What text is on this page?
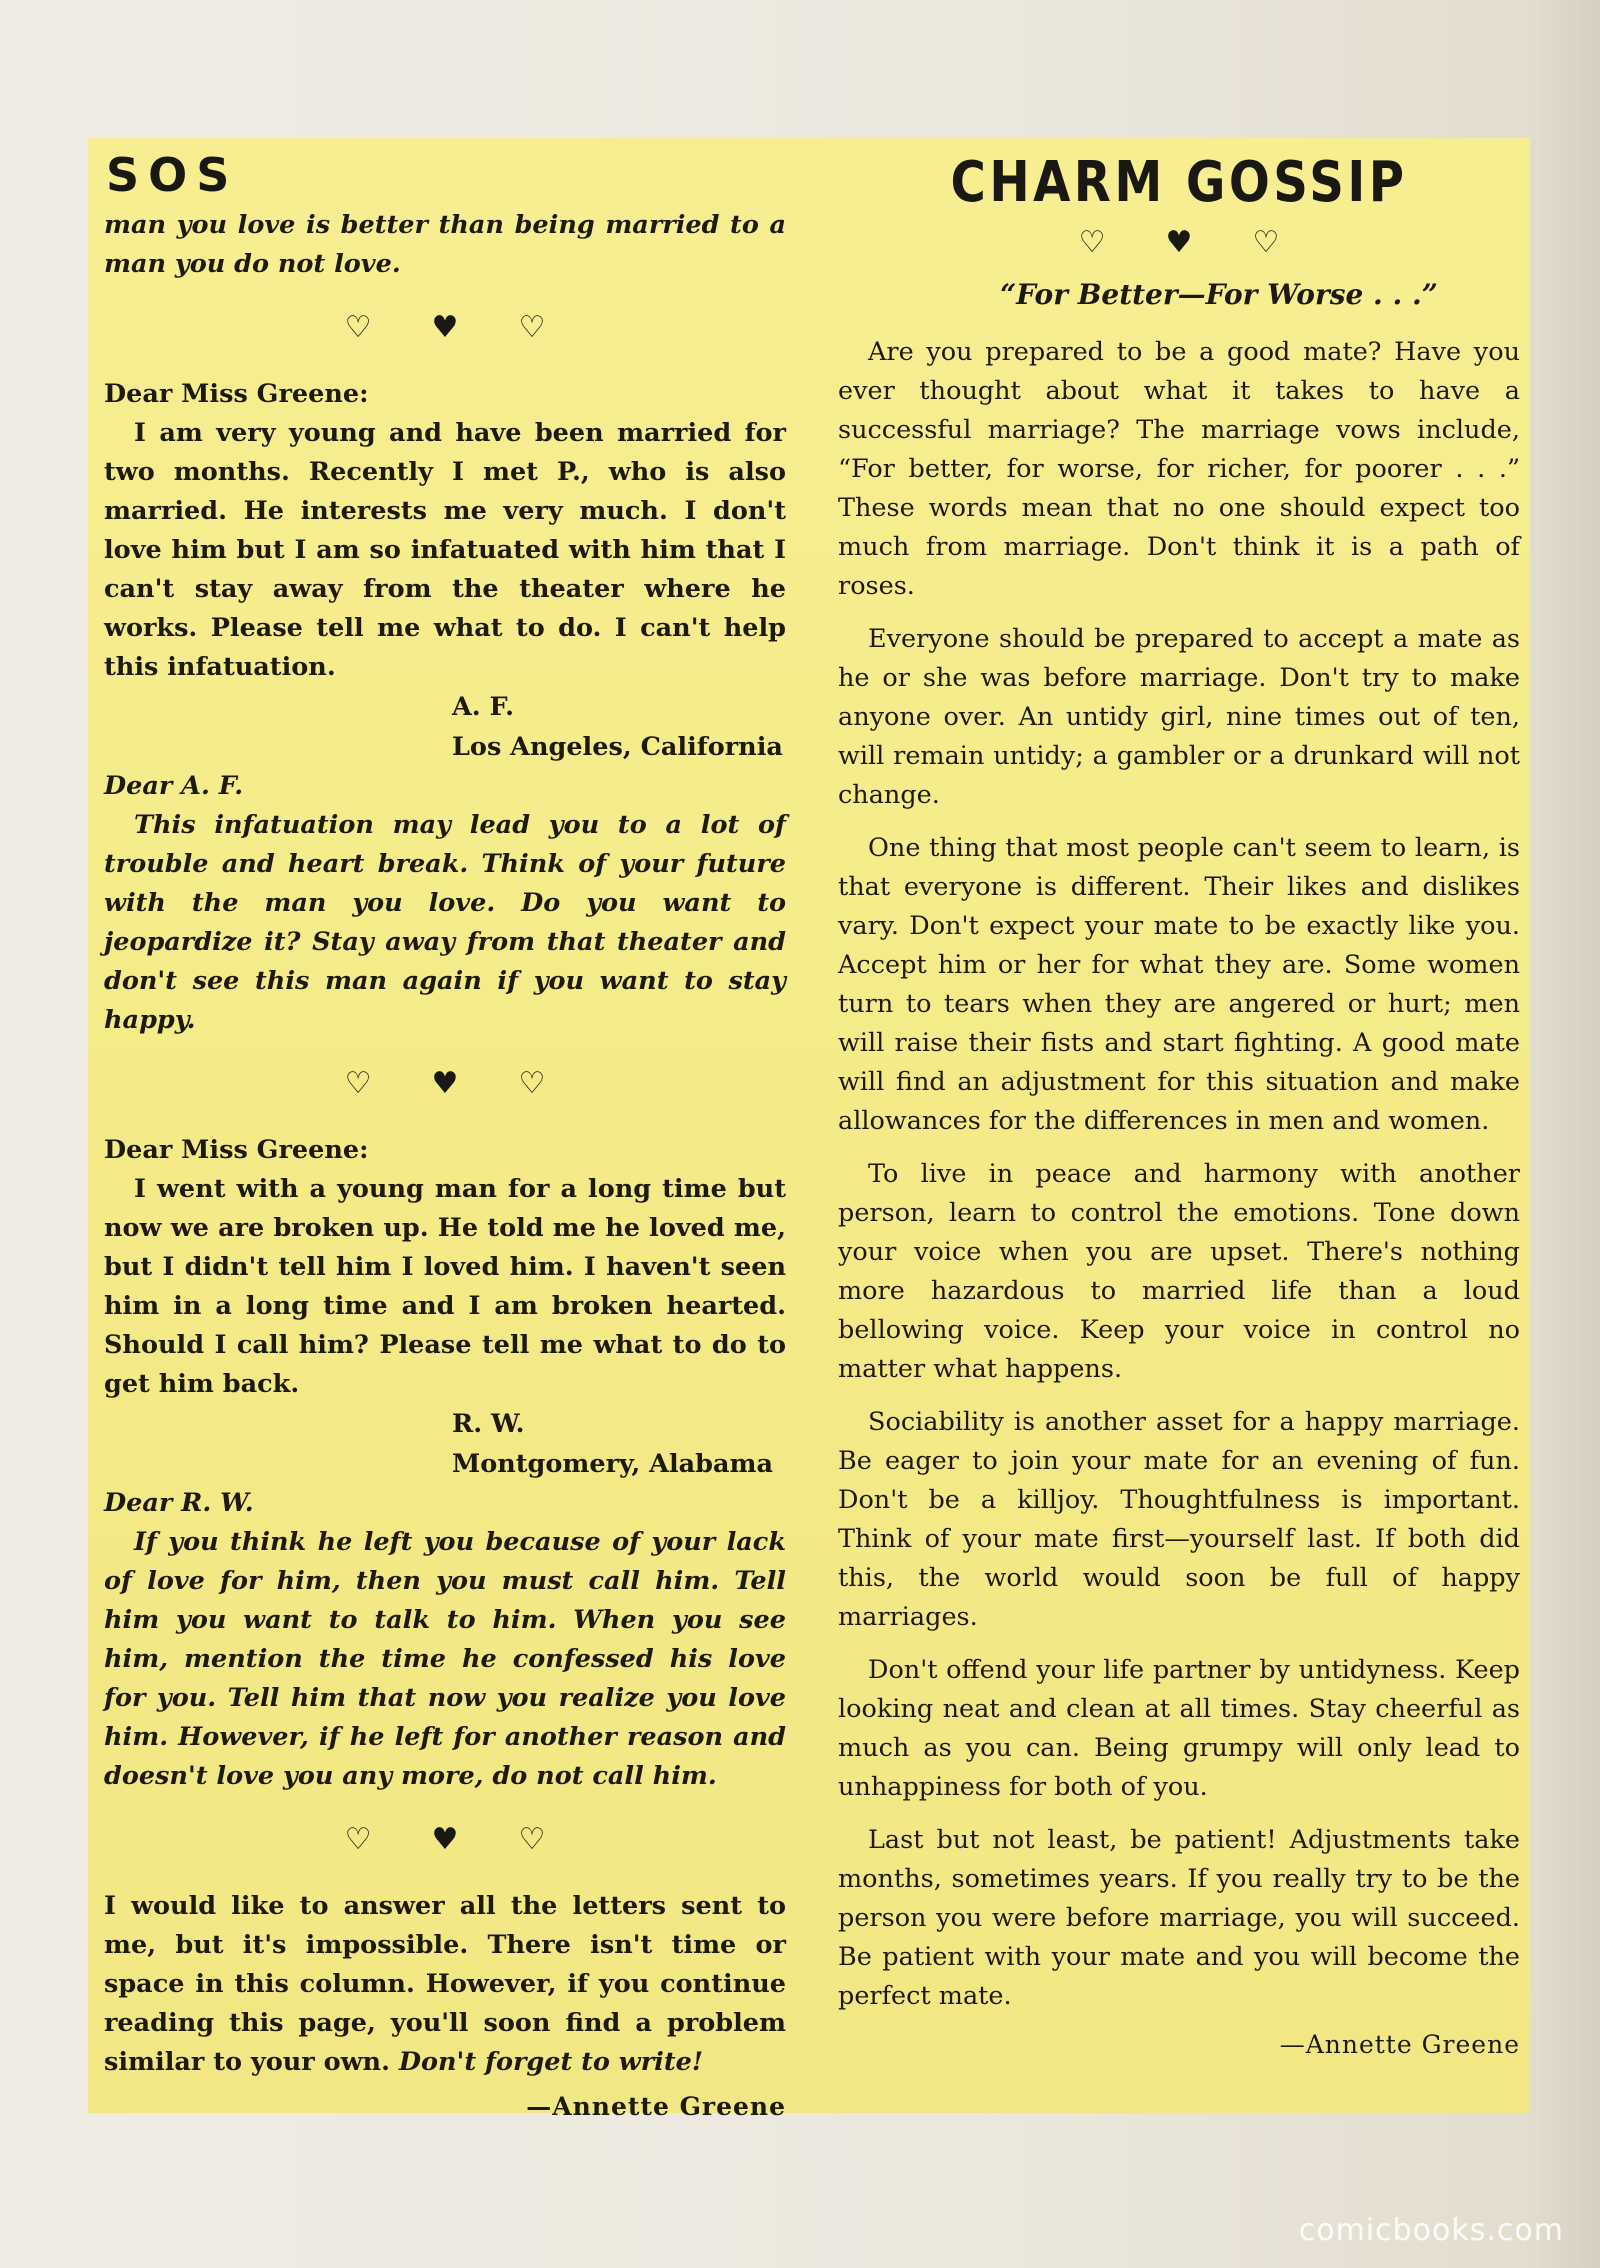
SOS

man you love is better than being married to a man you do not love.

♡ ♥ ♡

Dear Miss Greene:

I am very young and have been married for two months. Recently I met P., who is also married. He interests me very much. I don't love him but I am so infatuated with him that I can't stay away from the theater where he works. Please tell me what to do. I can't help this infatuation.

A. F.
Los Angeles, California

Dear A. F.

This infatuation may lead you to a lot of trouble and heart break. Think of your future with the man you love. Do you want to jeopardize it? Stay away from that theater and don't see this man again if you want to stay happy.

♡ ♥ ♡

Dear Miss Greene:

I went with a young man for a long time but now we are broken up. He told me he loved me, but I didn't tell him I loved him. I haven't seen him in a long time and I am broken hearted. Should I call him? Please tell me what to do to get him back.

R. W.
Montgomery, Alabama

Dear R. W.

If you think he left you because of your lack of love for him, then you must call him. Tell him you want to talk to him. When you see him, mention the time he confessed his love for you. Tell him that now you realize you love him. However, if he left for another reason and doesn't love you any more, do not call him.

♡ ♥ ♡

I would like to answer all the letters sent to me, but it's impossible. There isn't time or space in this column. However, if you continue reading this page, you'll soon find a problem similar to your own. Don't forget to write!

—Annette Greene
CHARM GOSSIP
♡ ♥ ♡
“For Better—For Worse . . .”

Are you prepared to be a good mate? Have you ever thought about what it takes to have a successful marriage? The marriage vows include, “For better, for worse, for richer, for poorer . . .” These words mean that no one should expect too much from marriage. Don't think it is a path of roses.

Everyone should be prepared to accept a mate as he or she was before marriage. Don't try to make anyone over. An untidy girl, nine times out of ten, will remain untidy; a gambler or a drunkard will not change.

One thing that most people can't seem to learn, is that everyone is different. Their likes and dislikes vary. Don't expect your mate to be exactly like you. Accept him or her for what they are. Some women turn to tears when they are angered or hurt; men will raise their fists and start fighting. A good mate will find an adjustment for this situation and make allowances for the differences in men and women.

To live in peace and harmony with another person, learn to control the emotions. Tone down your voice when you are upset. There's nothing more hazardous to married life than a loud bellowing voice. Keep your voice in control no matter what happens.

Sociability is another asset for a happy marriage. Be eager to join your mate for an evening of fun. Don't be a killjoy. Thoughtfulness is important. Think of your mate first—yourself last. If both did this, the world would soon be full of happy marriages.

Don't offend your life partner by untidyness. Keep looking neat and clean at all times. Stay cheerful as much as you can. Being grumpy will only lead to unhappiness for both of you.

Last but not least, be patient! Adjustments take months, sometimes years. If you really try to be the person you were before marriage, you will succeed. Be patient with your mate and you will become the perfect mate.

—Annette Greene
comicbooks.com
